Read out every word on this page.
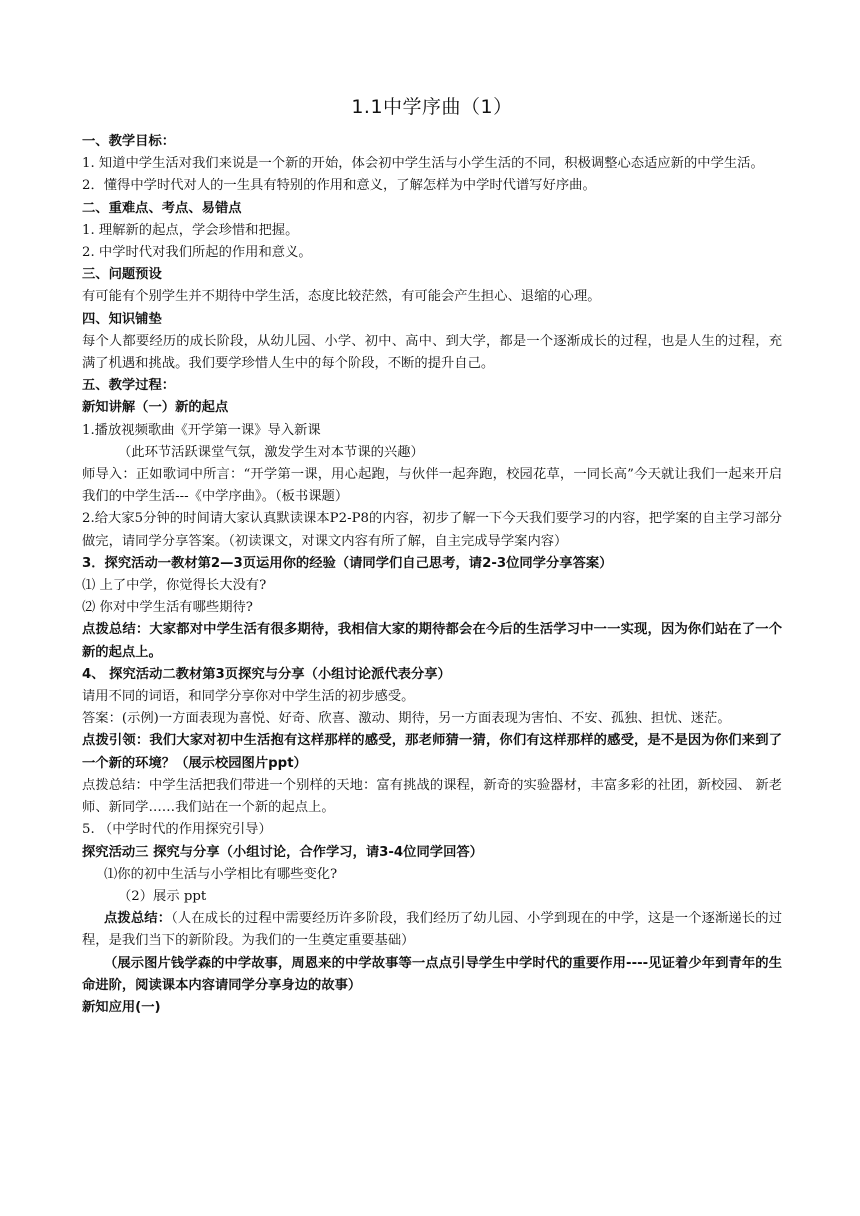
1.1中学序曲（1）

一、教学目标：

1. 知道中学生活对我们来说是一个新的开始，体会初中学生活与小学生活的不同，积极调整心态适应新的中学生活。

2．懂得中学时代对人的一生具有特别的作用和意义，了解怎样为中学时代谱写好序曲。

二、重难点、考点、易错点

1. 理解新的起点，学会珍惜和把握。

2. 中学时代对我们所起的作用和意义。

三、问题预设

有可能有个别学生并不期待中学生活，态度比较茫然，有可能会产生担心、退缩的心理。

四、知识铺垫

每个人都要经历的成长阶段，从幼儿园、小学、初中、高中、到大学，都是一个逐渐成长的过程，也是人生的过程，充满了机遇和挑战。我们要学珍惜人生中的每个阶段，不断的提升自己。

五、教学过程：

新知讲解（一）新的起点

1.播放视频歌曲《开学第一课》导入新课

（此环节活跃课堂气氛，激发学生对本节课的兴趣）

师导入：正如歌词中所言：“开学第一课，用心起跑，与伙伴一起奔跑，校园花草，一同长高”今天就让我们一起来开启我们的中学生活---《中学序曲》。（板书课题）

2.给大家5分钟的时间请大家认真默读课本P2-P8的内容，初步了解一下今天我们要学习的内容，把学案的自主学习部分做完，请同学分享答案。（初读课文，对课文内容有所了解，自主完成导学案内容）

3．探究活动一教材第2—3页运用你的经验（请同学们自己思考，请2-3位同学分享答案）

⑴ 上了中学，你觉得长大没有?

⑵ 你对中学生活有哪些期待?

点拨总结：大家都对中学生活有很多期待，我相信大家的期待都会在今后的生活学习中一一实现，因为你们站在了一个新的起点上。

4、 探究活动二教材第3页探究与分享（小组讨论派代表分享）

请用不同的词语，和同学分享你对中学生活的初步感受。

答案：(示例)一方面表现为喜悦、好奇、欣喜、激动、期待，另一方面表现为害怕、不安、孤独、担忧、迷茫。

点拨引领：我们大家对初中生活抱有这样那样的感受，那老师猜一猜，你们有这样那样的感受，是不是因为你们来到了一个新的环境？（展示校园图片ppt）

点拨总结：中学生活把我们带进一个别样的天地：富有挑战的课程，新奇的实验器材，丰富多彩的社团，新校园、 新老师、新同学……我们站在一个新的起点上。

5. （中学时代的作用探究引导）

探究活动三 探究与分享（小组讨论，合作学习，请3-4位同学回答）

⑴你的初中生活与小学相比有哪些变化?

（2）展示 ppt

点拨总结：（人在成长的过程中需要经历许多阶段，我们经历了幼儿园、小学到现在的中学，这是一个逐渐递长的过程，是我们当下的新阶段。为我们的一生奠定重要基础）

（展示图片钱学森的中学故事，周恩来的中学故事等一点点引导学生中学时代的重要作用----见证着少年到青年的生命进阶，阅读课本内容请同学分享身边的故事）

新知应用(一)
